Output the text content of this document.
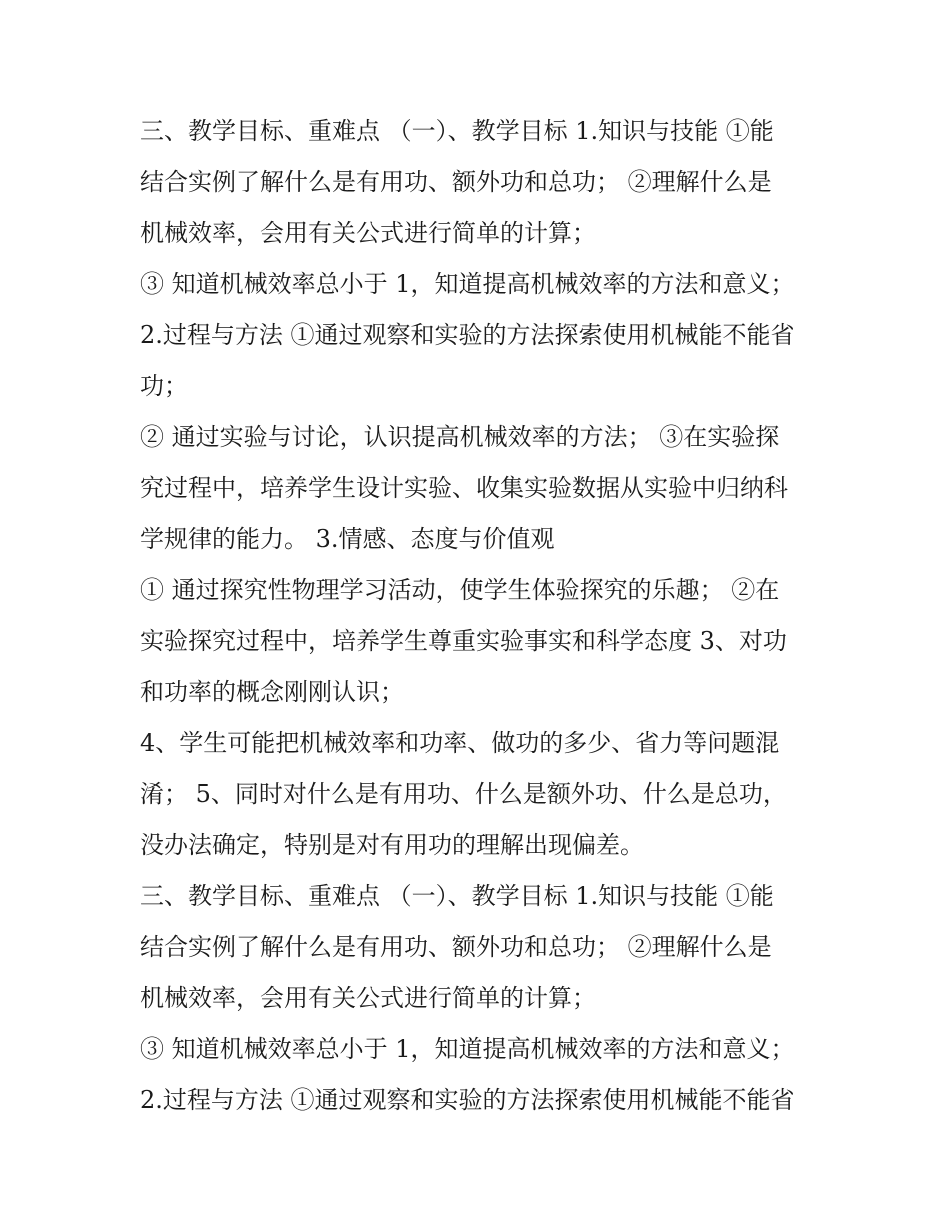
三、教学目标、重难点 （一）、教学目标 1.知识与技能 ①能
结合实例了解什么是有用功、额外功和总功； ②理解什么是
机械效率，会用有关公式进行简单的计算；
③ 知道机械效率总小于 1，知道提高机械效率的方法和意义；
2.过程与方法 ①通过观察和实验的方法探索使用机械能不能省
功；
② 通过实验与讨论，认识提高机械效率的方法； ③在实验探
究过程中，培养学生设计实验、收集实验数据从实验中归纳科
学规律的能力。 3.情感、态度与价值观
① 通过探究性物理学习活动，使学生体验探究的乐趣； ②在
实验探究过程中，培养学生尊重实验事实和科学态度 3、对功
和功率的概念刚刚认识；
4、学生可能把机械效率和功率、做功的多少、省力等问题混
淆； 5、同时对什么是有用功、什么是额外功、什么是总功，
没办法确定，特别是对有用功的理解出现偏差。
三、教学目标、重难点 （一）、教学目标 1.知识与技能 ①能
结合实例了解什么是有用功、额外功和总功； ②理解什么是
机械效率，会用有关公式进行简单的计算；
③ 知道机械效率总小于 1，知道提高机械效率的方法和意义；
2.过程与方法 ①通过观察和实验的方法探索使用机械能不能省
